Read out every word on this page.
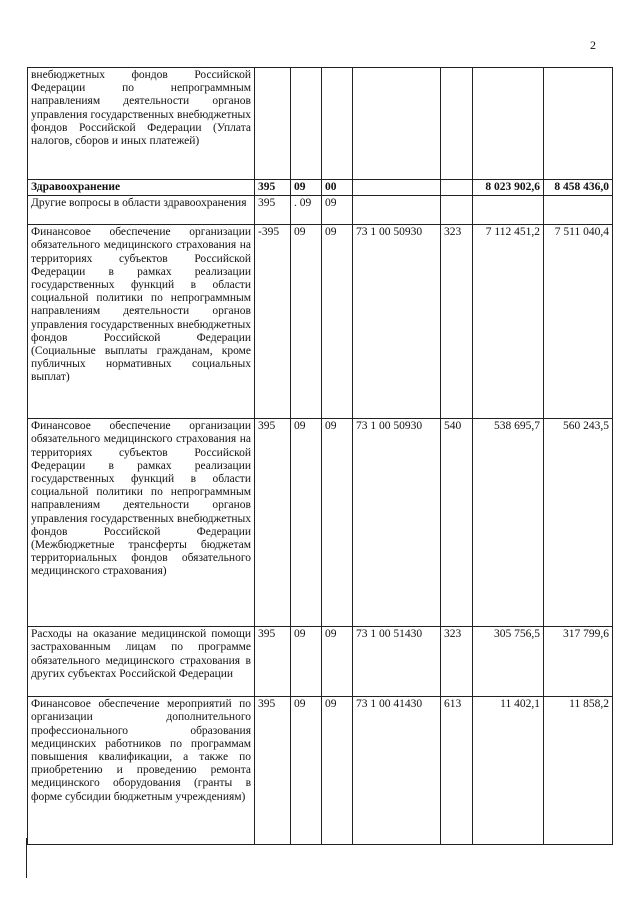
2
внебюджетных фондов Российской Федерации по непрограммным направлениям деятельности органов управления государственных внебюджетных фондов Российской Федерации (Уплата налогов, сборов и иных платежей)							
Здравоохранение	395	09	00			8 023 902,6	8 458 436,0
Другие вопросы в области здравоохранения	395	. 09	09				
Финансовое обеспечение организации обязательного медицинского страхования на территориях субъектов Российской Федерации в рамках реализации государственных функций в области социальной политики по непрограммным направлениям деятельности органов управления государственных внебюджетных фондов Российской Федерации (Социальные выплаты гражданам, кроме публичных нормативных социальных выплат)	-395	09	09	73 1 00 50930	323	7 112 451,2	7 511 040,4
Финансовое обеспечение организации обязательного медицинского страхования на территориях субъектов Российской Федерации в рамках реализации государственных функций в области социальной политики по непрограммным направлениям деятельности органов управления государственных внебюджетных фондов Российской Федерации (Межбюджетные трансферты бюджетам территориальных фондов обязательного медицинского страхования)	395	09	09	73 1 00 50930	540	538 695,7	560 243,5
Расходы на оказание медицинской помощи застрахованным лицам по программе обязательного медицинского страхования в других субъектах Российской Федерации	395	09	09	73 1 00 51430	323	305 756,5	317 799,6
Финансовое обеспечение мероприятий по организации дополнительного профессионального образования медицинских работников по программам повышения квалификации, а также по приобретению и проведению ремонта медицинского оборудования (гранты в форме субсидии бюджетным учреждениям)	395	09	09	73 1 00 41430	613	11 402,1	11 858,2
